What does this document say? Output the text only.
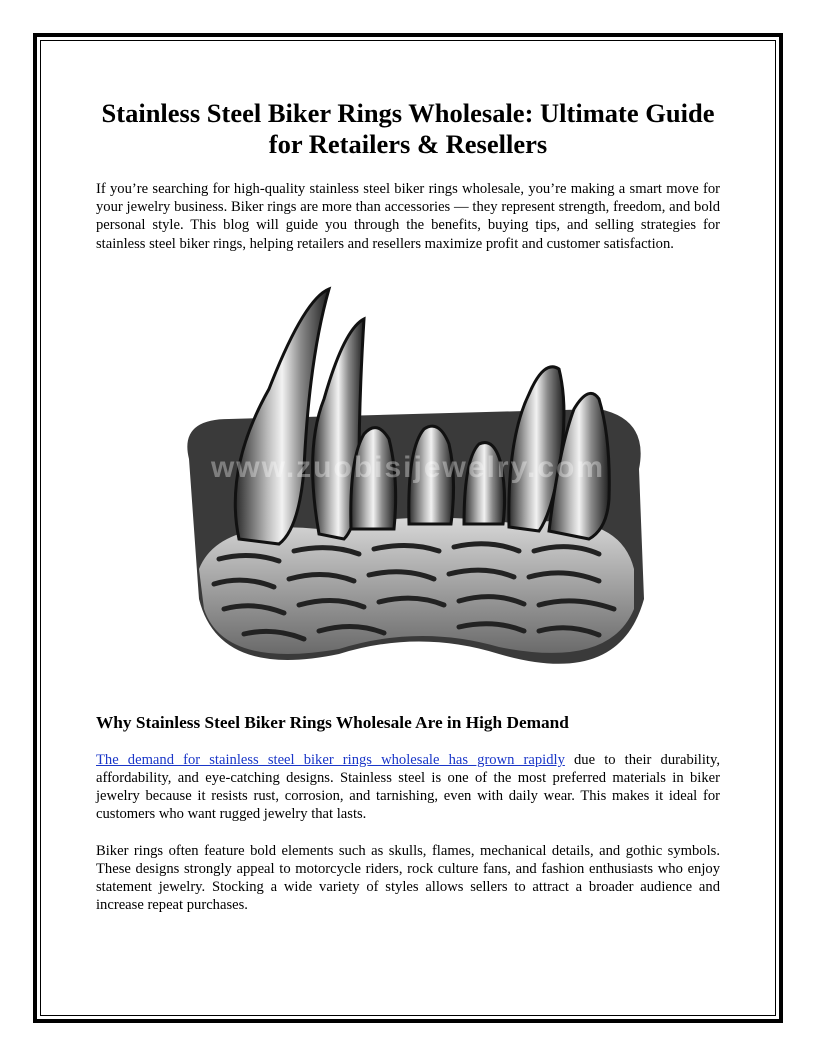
Stainless Steel Biker Rings Wholesale: Ultimate Guide for Retailers & Resellers

If you’re searching for high-quality stainless steel biker rings wholesale, you’re making a smart move for your jewelry business. Biker rings are more than accessories — they represent strength, freedom, and bold personal style. This blog will guide you through the benefits, buying tips, and selling strategies for stainless steel biker rings, helping retailers and resellers maximize profit and customer satisfaction.

www.zuobisijewelry.com
Why Stainless Steel Biker Rings Wholesale Are in High Demand

The demand for stainless steel biker rings wholesale has grown rapidly due to their durability, affordability, and eye-catching designs. Stainless steel is one of the most preferred materials in biker jewelry because it resists rust, corrosion, and tarnishing, even with daily wear. This makes it ideal for customers who want rugged jewelry that lasts.

Biker rings often feature bold elements such as skulls, flames, mechanical details, and gothic symbols. These designs strongly appeal to motorcycle riders, rock culture fans, and fashion enthusiasts who enjoy statement jewelry. Stocking a wide variety of styles allows sellers to attract a broader audience and increase repeat purchases.
